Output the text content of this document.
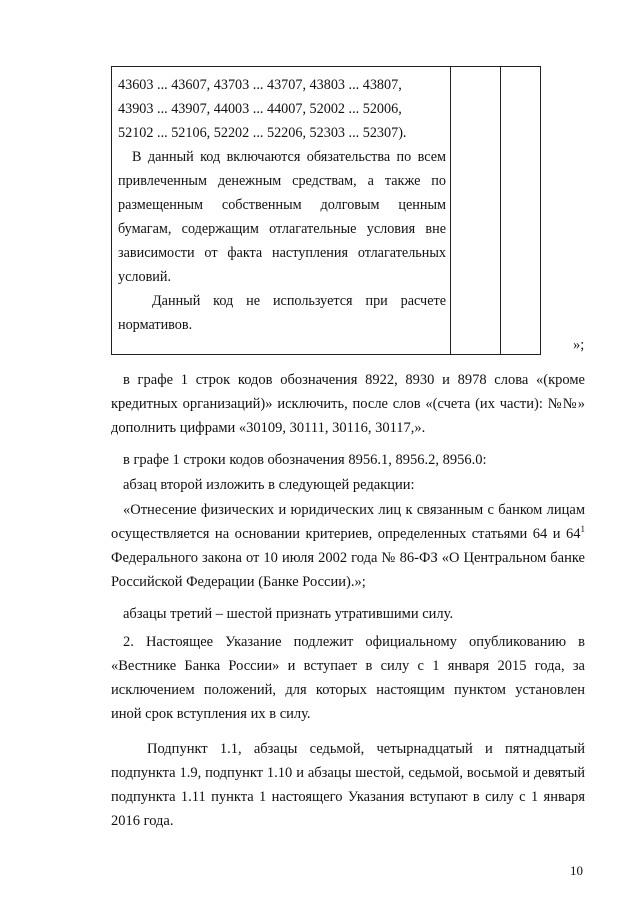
43603 ... 43607, 43703 ... 43707, 43803 ... 43807,

43903 ... 43907, 44003 ... 44007, 52002 ... 52006,

52102 ... 52106, 52202 ... 52206, 52303 ... 52307).

В данный код включаются обязательства по всем привлеченным денежным средствам, а также по размещенным собственным долговым ценным бумагам, содержащим отлагательные условия вне зависимости от факта наступления отлагательных условий.

Данный код не используется при расчете нормативов.

»;

в графе 1 строк кодов обозначения 8922, 8930 и 8978 слова «(кроме кредитных организаций)» исключить, после слов «(счета (их части): №№» дополнить цифрами «30109, 30111, 30116, 30117,».

в графе 1 строки кодов обозначения 8956.1, 8956.2, 8956.0:

абзац второй изложить в следующей редакции:

«Отнесение физических и юридических лиц к связанным с банком лицам осуществляется на основании критериев, определенных статьями 64 и $64^1$ Федерального закона от 10 июля 2002 года № 86-ФЗ «О Центральном банке Российской Федерации (Банке России).»;

абзацы третий – шестой признать утратившими силу.

2. Настоящее Указание подлежит официальному опубликованию в «Вестнике Банка России» и вступает в силу с 1 января 2015 года, за исключением положений, для которых настоящим пунктом установлен иной срок вступления их в силу.

Подпункт 1.1, абзацы седьмой, четырнадцатый и пятнадцатый подпункта 1.9, подпункт 1.10 и абзацы шестой, седьмой, восьмой и девятый подпункта 1.11 пункта 1 настоящего Указания вступают в силу с 1 января 2016 года.

10
